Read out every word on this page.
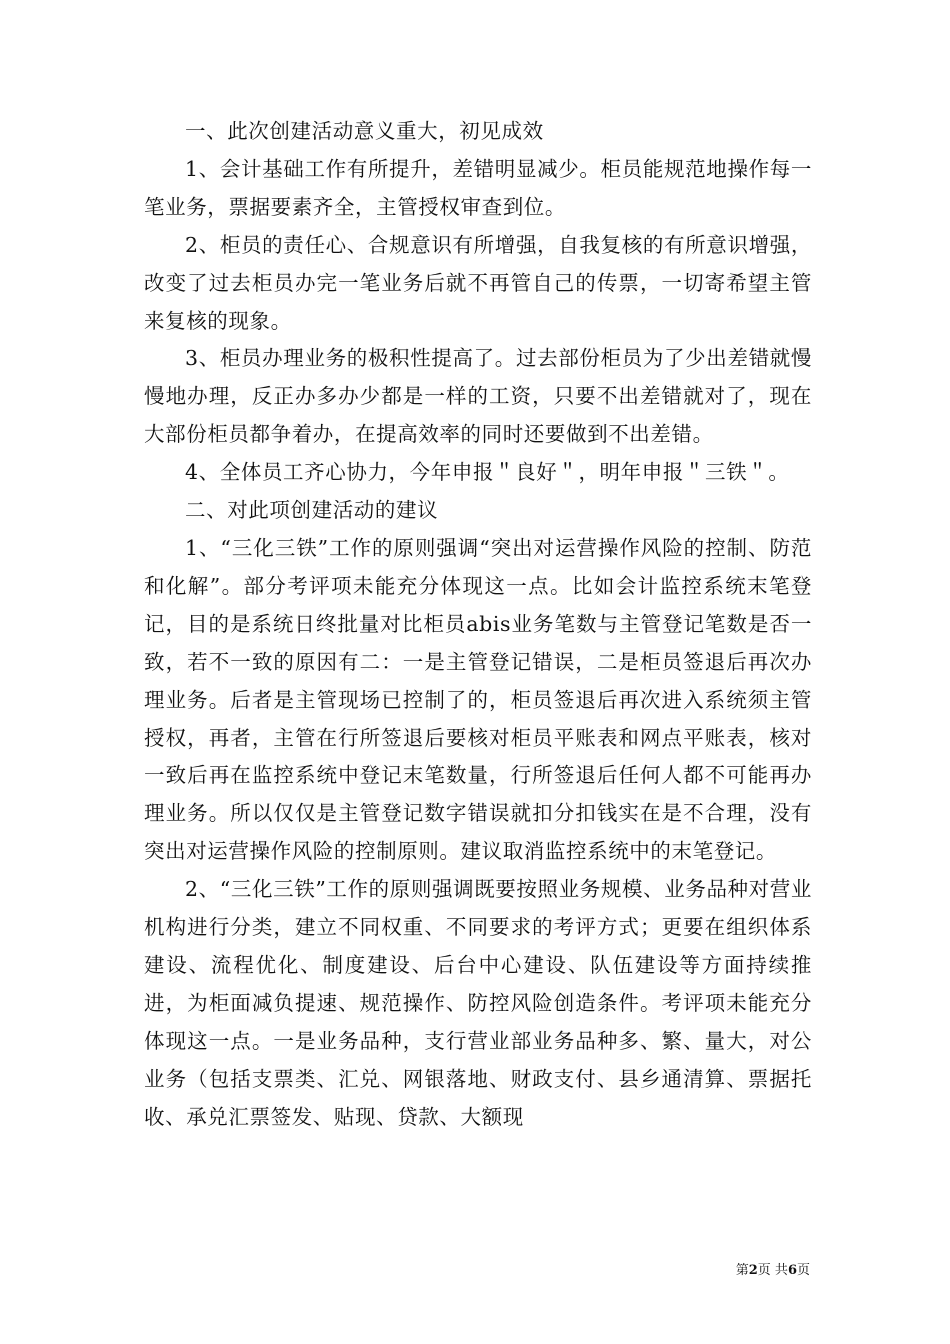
一、此次创建活动意义重大，初见成效

1、会计基础工作有所提升，差错明显减少。柜员能规范地操作每一笔业务，票据要素齐全，主管授权审查到位。

2、柜员的责任心、合规意识有所增强，自我复核的有所意识增强，改变了过去柜员办完一笔业务后就不再管自己的传票，一切寄希望主管来复核的现象。

3、柜员办理业务的极积性提高了。过去部份柜员为了少出差错就慢慢地办理，反正办多办少都是一样的工资，只要不出差错就对了，现在大部份柜员都争着办，在提高效率的同时还要做到不出差错。

4、全体员工齐心协力，今年申报＂良好＂，明年申报＂三铁＂。

二、对此项创建活动的建议

1、“三化三铁”工作的原则强调“突出对运营操作风险的控制、防范和化解”。部分考评项未能充分体现这一点。比如会计监控系统末笔登记，目的是系统日终批量对比柜员abis业务笔数与主管登记笔数是否一致，若不一致的原因有二：一是主管登记错误，二是柜员签退后再次办理业务。后者是主管现场已控制了的，柜员签退后再次进入系统须主管授权，再者，主管在行所签退后要核对柜员平账表和网点平账表，核对一致后再在监控系统中登记末笔数量，行所签退后任何人都不可能再办理业务。所以仅仅是主管登记数字错误就扣分扣钱实在是不合理，没有突出对运营操作风险的控制原则。建议取消监控系统中的末笔登记。

2、“三化三铁”工作的原则强调既要按照业务规模、业务品种对营业机构进行分类，建立不同权重、不同要求的考评方式；更要在组织体系建设、流程优化、制度建设、后台中心建设、队伍建设等方面持续推进，为柜面减负提速、规范操作、防控风险创造条件。考评项未能充分体现这一点。一是业务品种，支行营业部业务品种多、繁、量大，对公业务（包括支票类、汇兑、网银落地、财政支付、县乡通清算、票据托收、承兑汇票签发、贴现、贷款、大额现

第2页 共6页
